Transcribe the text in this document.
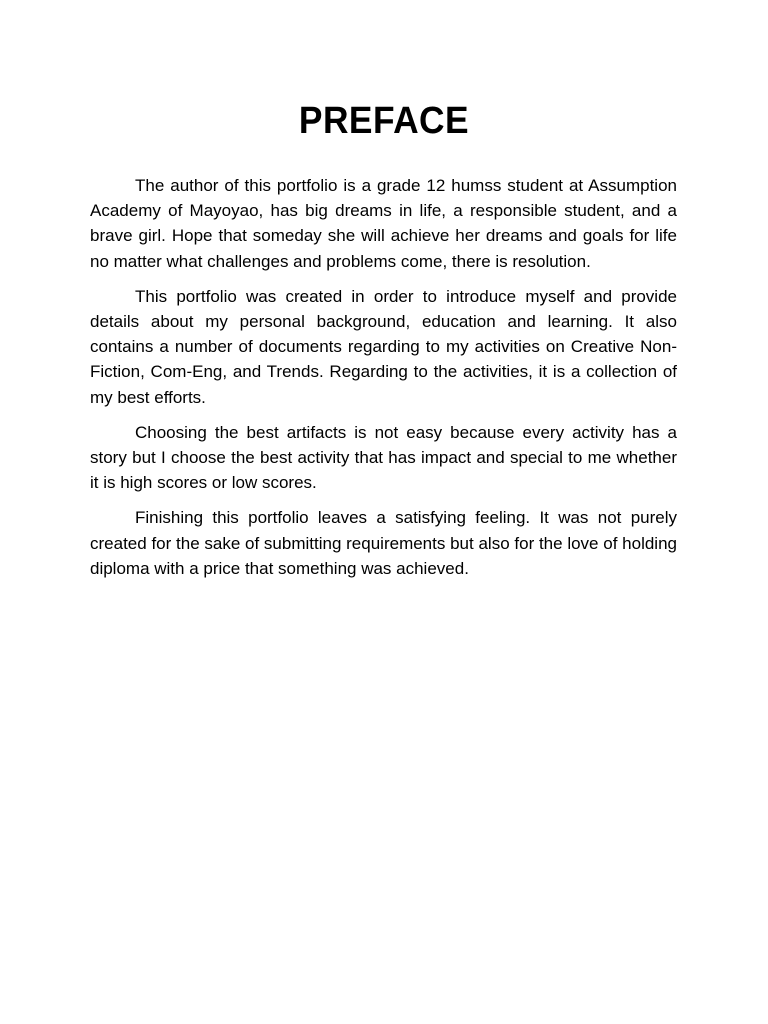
PREFACE

The author of this portfolio is a grade 12 humss student at Assumption Academy of Mayoyao, has big dreams in life, a responsible student, and a brave girl. Hope that someday she will achieve her dreams and goals for life no matter what challenges and problems come, there is resolution.

This portfolio was created in order to introduce myself and provide details about my personal background, education and learning. It also contains a number of documents regarding to my activities on Creative Non-Fiction, Com-Eng, and Trends. Regarding to the activities, it is a collection of my best efforts.

Choosing the best artifacts is not easy because every activity has a story but I choose the best activity that has impact and special to me whether it is high scores or low scores.

Finishing this portfolio leaves a satisfying feeling. It was not purely created for the sake of submitting requirements but also for the love of holding diploma with a price that something was achieved.
